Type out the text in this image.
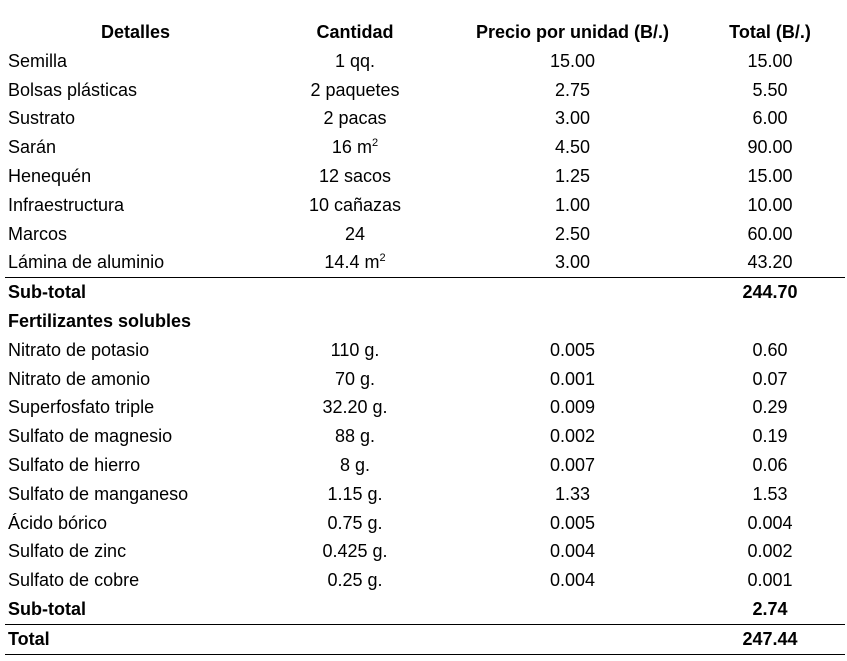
Detalles	Cantidad	Precio por unidad (B/.)	Total (B/.)
Semilla	1 qq.	15.00	15.00
Bolsas plásticas	2 paquetes	2.75	5.50
Sustrato	2 pacas	3.00	6.00
Sarán	16 $m^2$	4.50	90.00
Henequén	12 sacos	1.25	15.00
Infraestructura	10 cañazas	1.00	10.00
Marcos	24	2.50	60.00
Lámina de aluminio	14.4 $m^2$	3.00	43.20
Sub-total			244.70
Fertilizantes solubles			
Nitrato de potasio	110 g.	0.005	0.60
Nitrato de amonio	70 g.	0.001	0.07
Superfosfato triple	32.20 g.	0.009	0.29
Sulfato de magnesio	88 g.	0.002	0.19
Sulfato de hierro	8 g.	0.007	0.06
Sulfato de manganeso	1.15 g.	1.33	1.53
Ácido bórico	0.75 g.	0.005	0.004
Sulfato de zinc	0.425 g.	0.004	0.002
Sulfato de cobre	0.25 g.	0.004	0.001
Sub-total			2.74
Total			247.44
